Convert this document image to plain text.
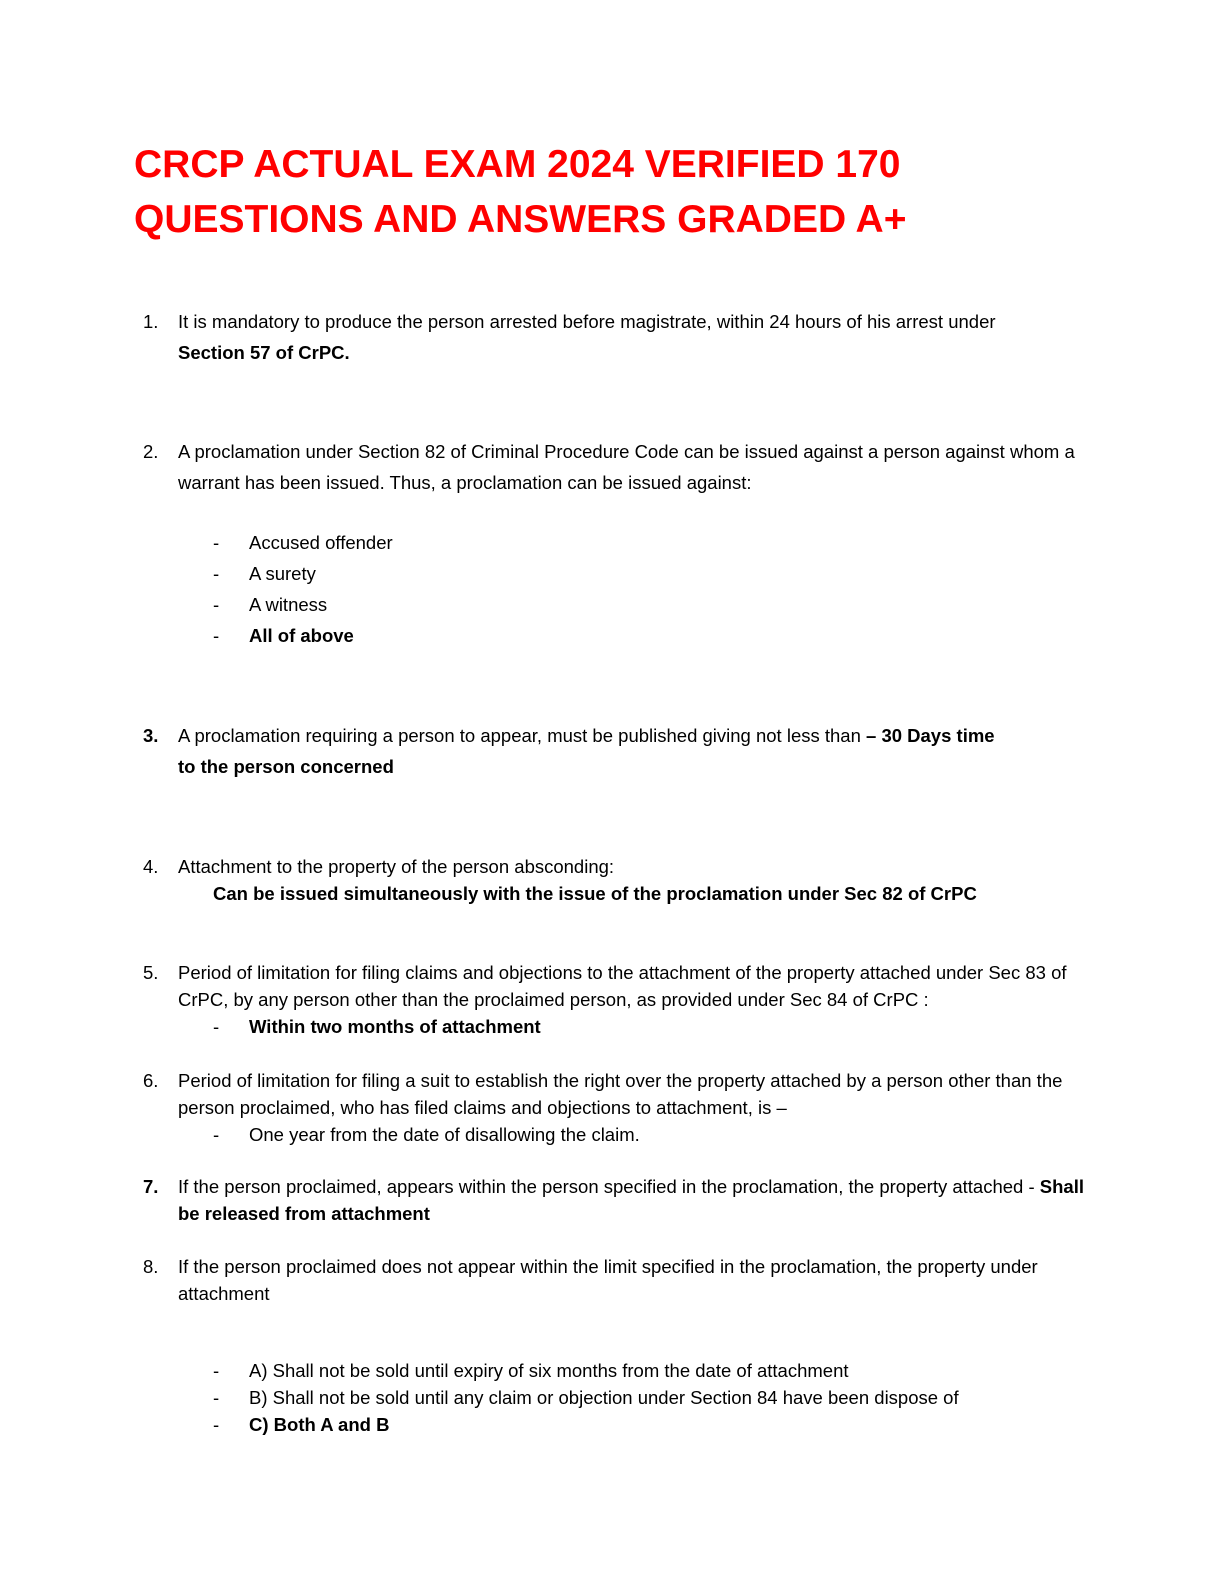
CRCP ACTUAL EXAM 2024 VERIFIED 170
QUESTIONS AND ANSWERS GRADED A+
1.	It is mandatory to produce the person arrested before magistrate, within 24 hours of his arrest under
Section 57 of CrPC.
2.	A proclamation under Section 82 of Criminal Procedure Code can be issued against a person against whom a warrant has been issued. Thus, a proclamation can be issued against:
- Accused offender
- A surety
- A witness
- All of above
3.	A proclamation requiring a person to appear, must be published giving not less than – 30 Days time
to the person concerned
4.	Attachment to the property of the person absconding:
Can be issued simultaneously with the issue of the proclamation under Sec 82 of CrPC
5.	Period of limitation for filing claims and objections to the attachment of the property attached under Sec 83 of CrPC, by any person other than the proclaimed person, as provided under Sec 84 of CrPC :
- Within two months of attachment
6.	Period of limitation for filing a suit to establish the right over the property attached by a person other than the person proclaimed, who has filed claims and objections to attachment, is –
- One year from the date of disallowing the claim.
7.	If the person proclaimed, appears within the person specified in the proclamation, the property attached - Shall be released from attachment
8.	If the person proclaimed does not appear within the limit specified in the proclamation, the property under attachment
- A) Shall not be sold until expiry of six months from the date of attachment
- B) Shall not be sold until any claim or objection under Section 84 have been dispose of
- C) Both A and B
